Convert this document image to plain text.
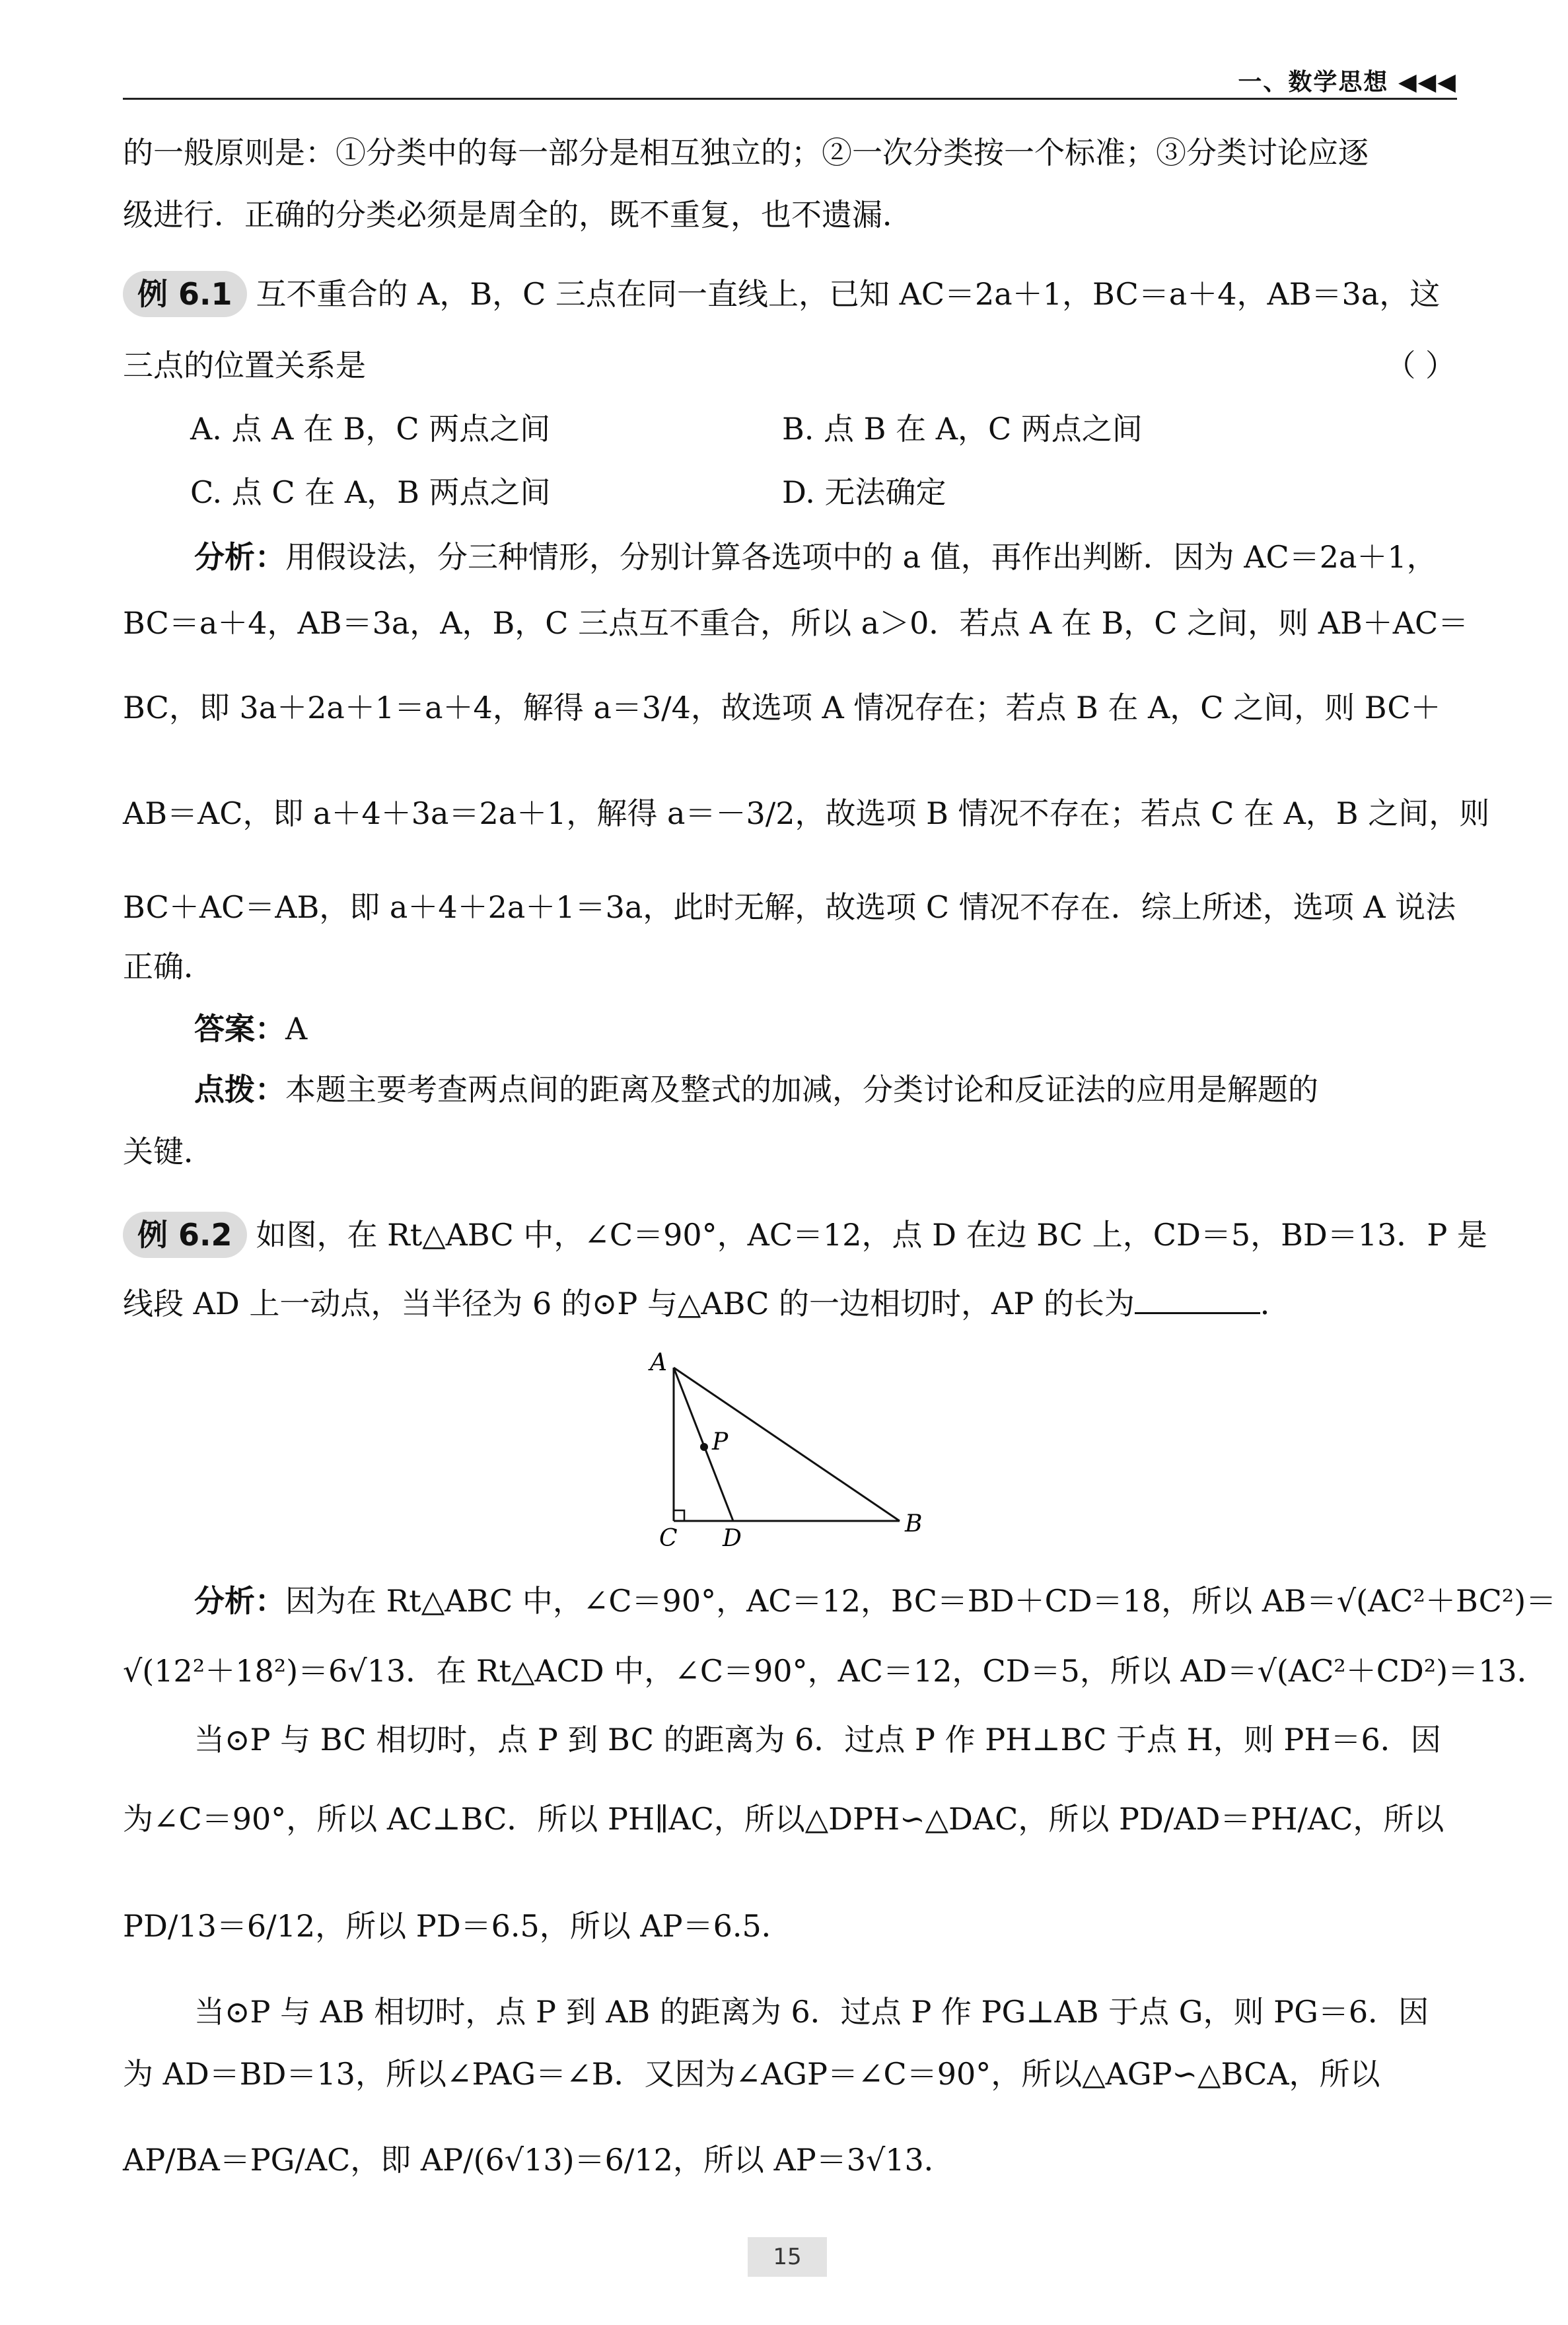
一、数学思想 ◀◀◀
的一般原则是：①分类中的每一部分是相互独立的；②一次分类按一个标准；③分类讨论应逐
级进行．正确的分类必须是周全的，既不重复，也不遗漏．
例 6.1 互不重合的 A，B，C 三点在同一直线上，已知 AC＝2a＋1，BC＝a＋4，AB＝3a，这
三点的位置关系是	（ ）
A. 点 A 在 B，C 两点之间	B. 点 B 在 A，C 两点之间
C. 点 C 在 A，B 两点之间	D. 无法确定
分析：用假设法，分三种情形，分别计算各选项中的 a 值，再作出判断．因为 AC＝2a＋1，
BC＝a＋4，AB＝3a，A，B，C 三点互不重合，所以 a＞0．若点 A 在 B，C 之间，则 AB＋AC＝
BC，即 3a＋2a＋1＝a＋4，解得 a＝3/4，故选项 A 情况存在；若点 B 在 A，C 之间，则 BC＋
AB＝AC，即 a＋4＋3a＝2a＋1，解得 a＝－3/2，故选项 B 情况不存在；若点 C 在 A，B 之间，则
BC＋AC＝AB，即 a＋4＋2a＋1＝3a，此时无解，故选项 C 情况不存在．综上所述，选项 A 说法
正确．
答案：A
点拨：本题主要考查两点间的距离及整式的加减，分类讨论和反证法的应用是解题的
关键．
例 6.2 如图，在 Rt△ABC 中，∠C＝90°，AC＝12，点 D 在边 BC 上，CD＝5，BD＝13．P 是
线段 AD 上一动点，当半径为 6 的⊙P 与△ABC 的一边相切时，AP 的长为	．
A
B
C D
P
分析：因为在 Rt△ABC 中，∠C＝90°，AC＝12，BC＝BD＋CD＝18，所以 AB＝√(AC²＋BC²)＝
√(12²＋18²)＝6√13．在 Rt△ACD 中，∠C＝90°，AC＝12，CD＝5，所以 AD＝√(AC²＋CD²)＝13．
当⊙P 与 BC 相切时，点 P 到 BC 的距离为 6．过点 P 作 PH⊥BC 于点 H，则 PH＝6．因
为∠C＝90°，所以 AC⊥BC．所以 PH∥AC，所以△DPH∽△DAC，所以 PD/AD＝PH/AC，所以
PD/13＝6/12，所以 PD＝6.5，所以 AP＝6.5．
当⊙P 与 AB 相切时，点 P 到 AB 的距离为 6．过点 P 作 PG⊥AB 于点 G，则 PG＝6．因
为 AD＝BD＝13，所以∠PAG＝∠B．又因为∠AGP＝∠C＝90°，所以△AGP∽△BCA，所以
AP/BA＝PG/AC，即 AP/(6√13)＝6/12，所以 AP＝3√13．
15
